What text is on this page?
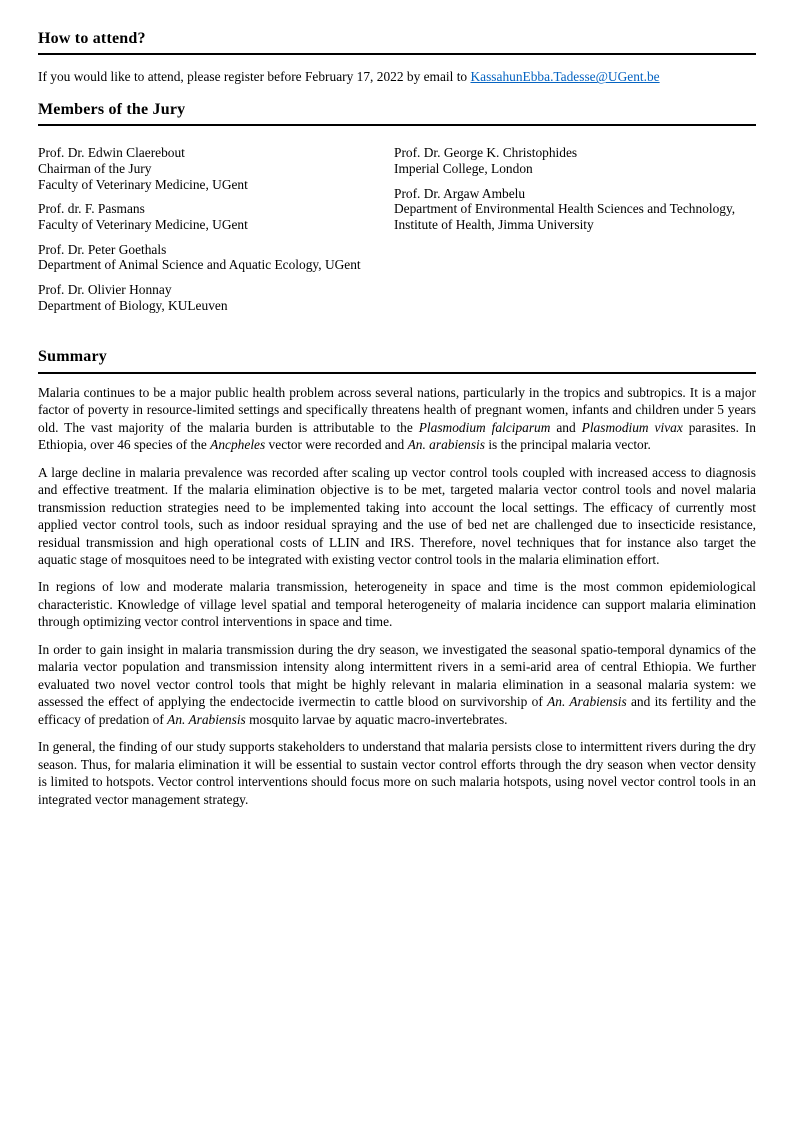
How to attend?

If you would like to attend, please register before February 17, 2022 by email to KassahunEbba.Tadesse@UGent.be

Members of the Jury
Prof. Dr. Edwin Claerebout
Chairman of the Jury
Faculty of Veterinary Medicine, UGent
Prof. dr. F. Pasmans
Faculty of Veterinary Medicine, UGent
Prof. Dr. Peter Goethals
Department of Animal Science and Aquatic Ecology, UGent
Prof. Dr. Olivier Honnay
Department of Biology, KULeuven
Prof. Dr. George K. Christophides
Imperial College, London
Prof. Dr. Argaw Ambelu
Department of Environmental Health Sciences and Technology, Institute of Health, Jimma University
Summary

Malaria continues to be a major public health problem across several nations, particularly in the tropics and subtropics. It is a major factor of poverty in resource-limited settings and specifically threatens health of pregnant women, infants and children under 5 years old. The vast majority of the malaria burden is attributable to the Plasmodium falciparum and Plasmodium vivax parasites. In Ethiopia, over 46 species of the Ancpheles vector were recorded and An. arabiensis is the principal malaria vector.

A large decline in malaria prevalence was recorded after scaling up vector control tools coupled with increased access to diagnosis and effective treatment. If the malaria elimination objective is to be met, targeted malaria vector control tools and novel malaria transmission reduction strategies need to be implemented taking into account the local settings. The efficacy of currently most applied vector control tools, such as indoor residual spraying and the use of bed net are challenged due to insecticide resistance, residual transmission and high operational costs of LLIN and IRS. Therefore, novel techniques that for instance also target the aquatic stage of mosquitoes need to be integrated with existing vector control tools in the malaria elimination effort.

In regions of low and moderate malaria transmission, heterogeneity in space and time is the most common epidemiological characteristic. Knowledge of village level spatial and temporal heterogeneity of malaria incidence can support malaria elimination through optimizing vector control interventions in space and time.

In order to gain insight in malaria transmission during the dry season, we investigated the seasonal spatio-temporal dynamics of the malaria vector population and transmission intensity along intermittent rivers in a semi-arid area of central Ethiopia. We further evaluated two novel vector control tools that might be highly relevant in malaria elimination in a seasonal malaria system: we assessed the effect of applying the endectocide ivermectin to cattle blood on survivorship of An. Arabiensis and its fertility and the efficacy of predation of An. Arabiensis mosquito larvae by aquatic macro-invertebrates.

In general, the finding of our study supports stakeholders to understand that malaria persists close to intermittent rivers during the dry season. Thus, for malaria elimination it will be essential to sustain vector control efforts through the dry season when vector density is limited to hotspots. Vector control interventions should focus more on such malaria hotspots, using novel vector control tools in an integrated vector management strategy.
